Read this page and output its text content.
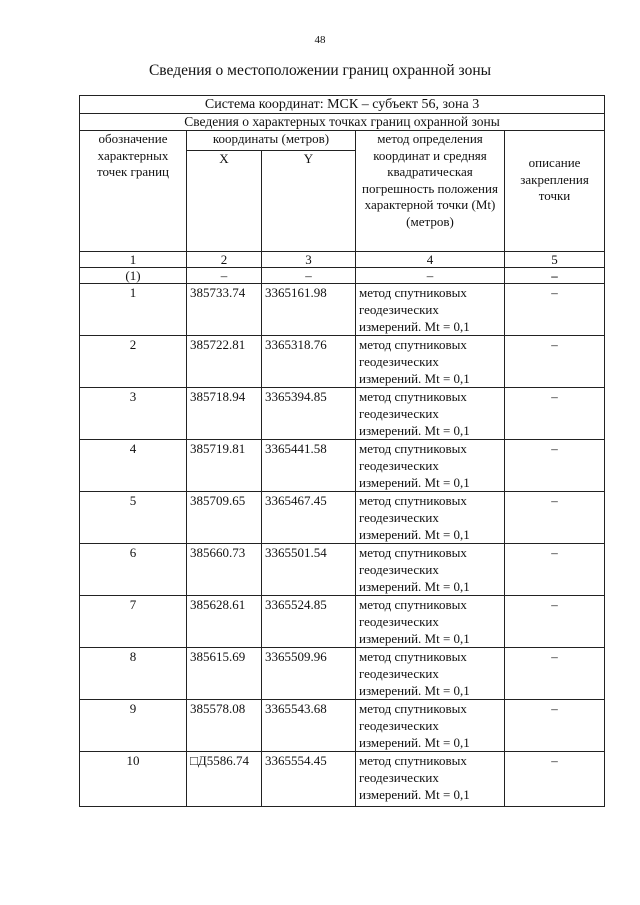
48
Сведения о местоположении границ охранной зоны
Система координат: МСК – субъект 56, зона 3				
Сведения о характерных точках границ охранной зоны				
обозначение характерных точек границ	координаты (метров)		метод определения координат и средняя квадратическая погрешность положения характерной точки (Mt) (метров)	описание закрепления точки
	X	Y		
1	2	3	4	5
(1)	–	–	–	–
1	385733.74	3365161.98	метод спутниковых геодезических измерений. Mt = 0,1	–
2	385722.81	3365318.76	метод спутниковых геодезических измерений. Mt = 0,1	–
3	385718.94	3365394.85	метод спутниковых геодезических измерений. Mt = 0,1	–
4	385719.81	3365441.58	метод спутниковых геодезических измерений. Mt = 0,1	–
5	385709.65	3365467.45	метод спутниковых геодезических измерений. Mt = 0,1	–
6	385660.73	3365501.54	метод спутниковых геодезических измерений. Mt = 0,1	–
7	385628.61	3365524.85	метод спутниковых геодезических измерений. Mt = 0,1	–
8	385615.69	3365509.96	метод спутниковых геодезических измерений. Mt = 0,1	–
9	385578.08	3365543.68	метод спутниковых геодезических измерений. Mt = 0,1	–
10	□Д5586.74	3365554.45	метод спутниковых геодезических измерений. Mt = 0,1	–
